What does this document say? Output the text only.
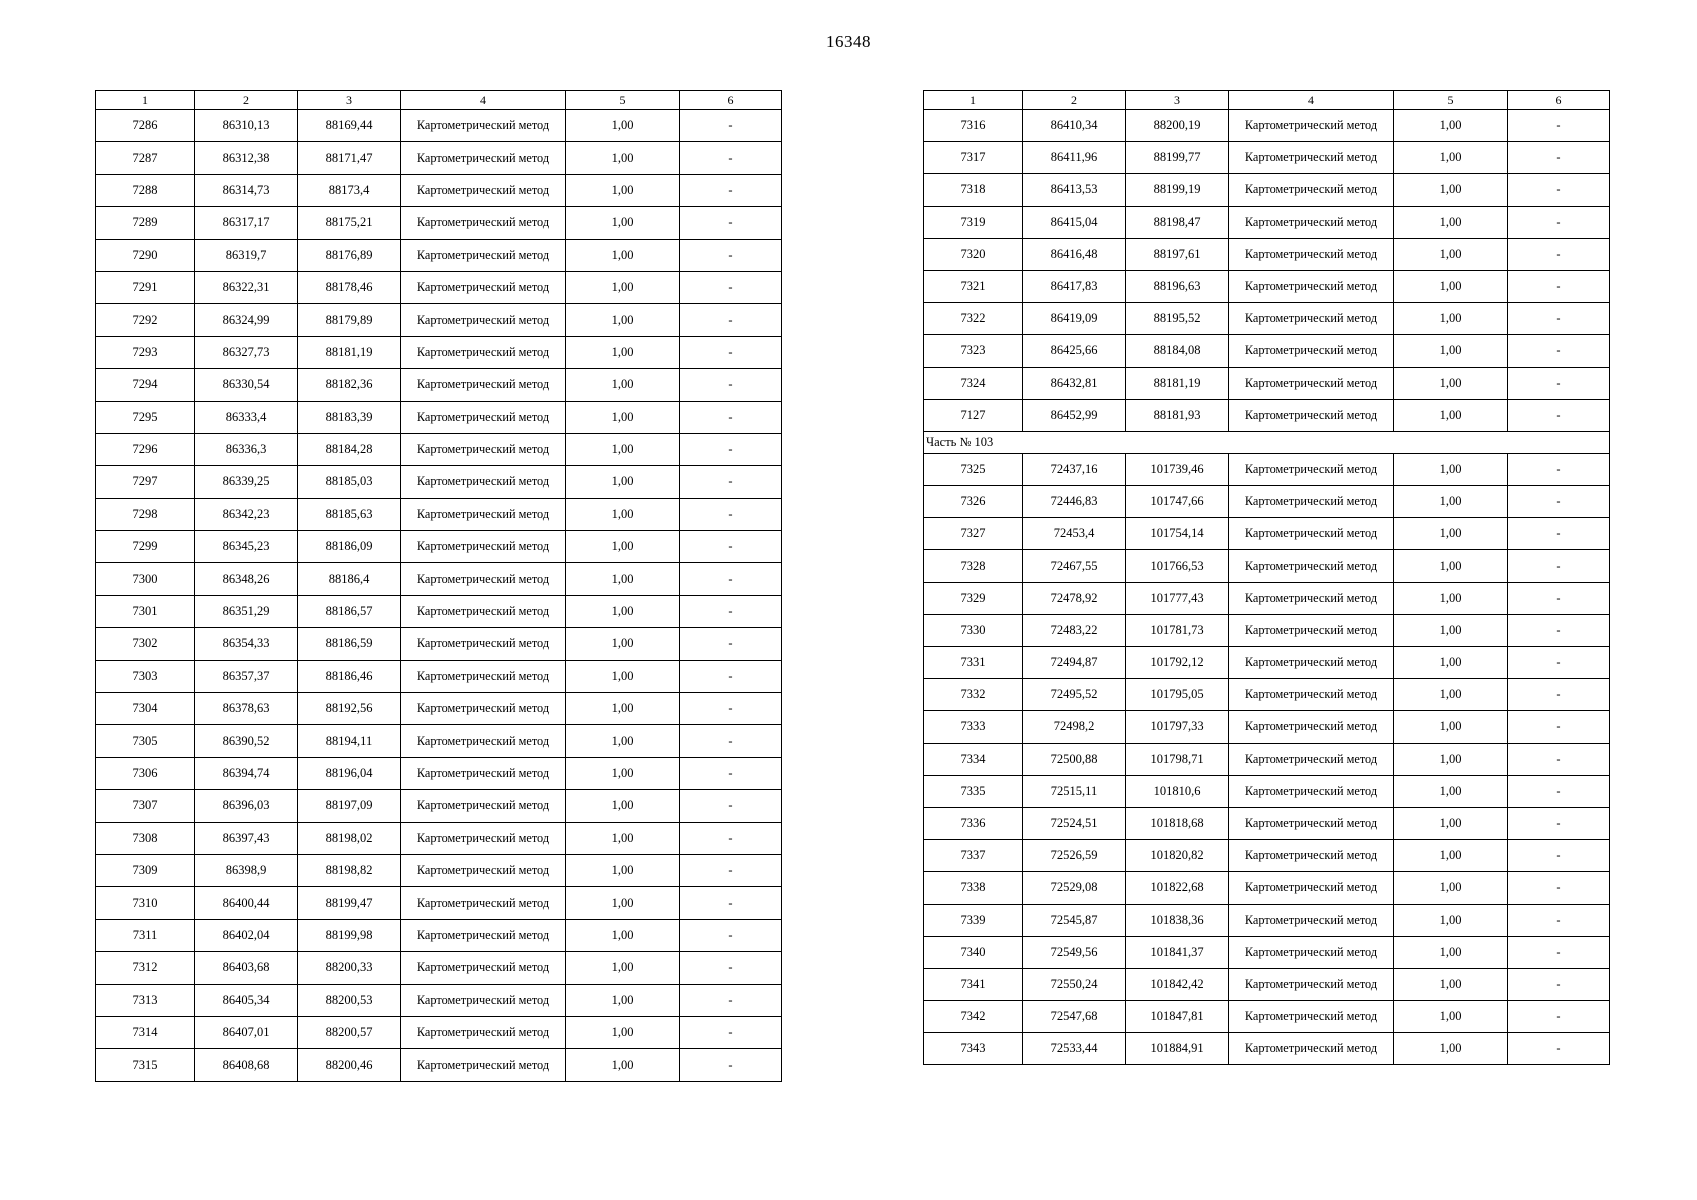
16348
1	2	3	4	5	6
7286	86310,13	88169,44	Картометрический метод	1,00	-
7287	86312,38	88171,47	Картометрический метод	1,00	-
7288	86314,73	88173,4	Картометрический метод	1,00	-
7289	86317,17	88175,21	Картометрический метод	1,00	-
7290	86319,7	88176,89	Картометрический метод	1,00	-
7291	86322,31	88178,46	Картометрический метод	1,00	-
7292	86324,99	88179,89	Картометрический метод	1,00	-
7293	86327,73	88181,19	Картометрический метод	1,00	-
7294	86330,54	88182,36	Картометрический метод	1,00	-
7295	86333,4	88183,39	Картометрический метод	1,00	-
7296	86336,3	88184,28	Картометрический метод	1,00	-
7297	86339,25	88185,03	Картометрический метод	1,00	-
7298	86342,23	88185,63	Картометрический метод	1,00	-
7299	86345,23	88186,09	Картометрический метод	1,00	-
7300	86348,26	88186,4	Картометрический метод	1,00	-
7301	86351,29	88186,57	Картометрический метод	1,00	-
7302	86354,33	88186,59	Картометрический метод	1,00	-
7303	86357,37	88186,46	Картометрический метод	1,00	-
7304	86378,63	88192,56	Картометрический метод	1,00	-
7305	86390,52	88194,11	Картометрический метод	1,00	-
7306	86394,74	88196,04	Картометрический метод	1,00	-
7307	86396,03	88197,09	Картометрический метод	1,00	-
7308	86397,43	88198,02	Картометрический метод	1,00	-
7309	86398,9	88198,82	Картометрический метод	1,00	-
7310	86400,44	88199,47	Картометрический метод	1,00	-
7311	86402,04	88199,98	Картометрический метод	1,00	-
7312	86403,68	88200,33	Картометрический метод	1,00	-
7313	86405,34	88200,53	Картометрический метод	1,00	-
7314	86407,01	88200,57	Картометрический метод	1,00	-
7315	86408,68	88200,46	Картометрический метод	1,00	-
1	2	3	4	5	6
7316	86410,34	88200,19	Картометрический метод	1,00	-
7317	86411,96	88199,77	Картометрический метод	1,00	-
7318	86413,53	88199,19	Картометрический метод	1,00	-
7319	86415,04	88198,47	Картометрический метод	1,00	-
7320	86416,48	88197,61	Картометрический метод	1,00	-
7321	86417,83	88196,63	Картометрический метод	1,00	-
7322	86419,09	88195,52	Картометрический метод	1,00	-
7323	86425,66	88184,08	Картометрический метод	1,00	-
7324	86432,81	88181,19	Картометрический метод	1,00	-
7127	86452,99	88181,93	Картометрический метод	1,00	-
Часть № 103					
7325	72437,16	101739,46	Картометрический метод	1,00	-
7326	72446,83	101747,66	Картометрический метод	1,00	-
7327	72453,4	101754,14	Картометрический метод	1,00	-
7328	72467,55	101766,53	Картометрический метод	1,00	-
7329	72478,92	101777,43	Картометрический метод	1,00	-
7330	72483,22	101781,73	Картометрический метод	1,00	-
7331	72494,87	101792,12	Картометрический метод	1,00	-
7332	72495,52	101795,05	Картометрический метод	1,00	-
7333	72498,2	101797,33	Картометрический метод	1,00	-
7334	72500,88	101798,71	Картометрический метод	1,00	-
7335	72515,11	101810,6	Картометрический метод	1,00	-
7336	72524,51	101818,68	Картометрический метод	1,00	-
7337	72526,59	101820,82	Картометрический метод	1,00	-
7338	72529,08	101822,68	Картометрический метод	1,00	-
7339	72545,87	101838,36	Картометрический метод	1,00	-
7340	72549,56	101841,37	Картометрический метод	1,00	-
7341	72550,24	101842,42	Картометрический метод	1,00	-
7342	72547,68	101847,81	Картометрический метод	1,00	-
7343	72533,44	101884,91	Картометрический метод	1,00	-
